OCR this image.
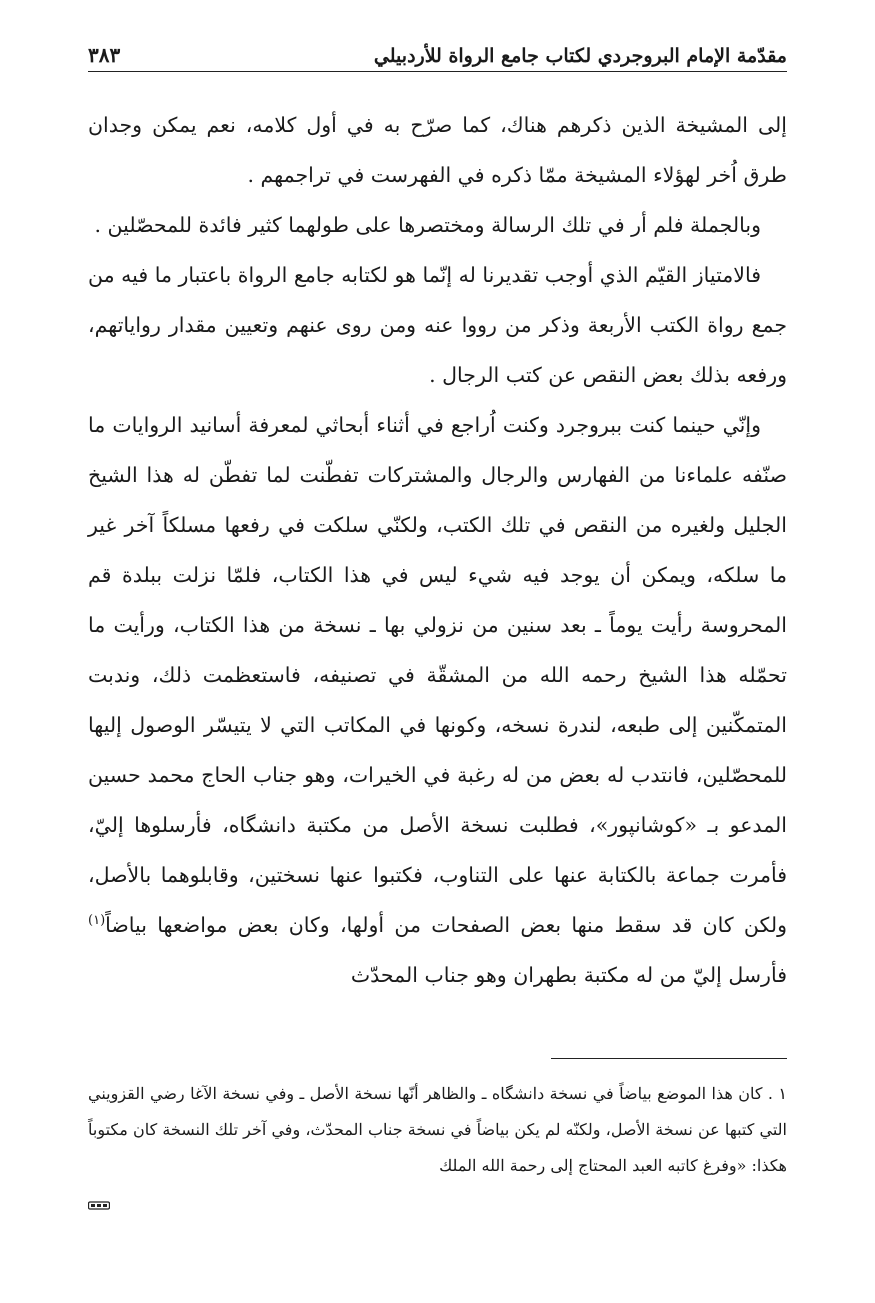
مقدّمة الإمام البروجردي لكتاب جامع الرواة للأردبيلي
٣٨٣

إلى المشيخة الذين ذكرهم هناك، كما صرّح به في أول كلامه، نعم يمكن وجدان طرق اُخر لهؤلاء المشيخة ممّا ذكره في الفهرست في تراجمهم .

وبالجملة فلم أر في تلك الرسالة ومختصرها على طولهما كثير فائدة للمحصّلين .

فالامتياز القيّم الذي أوجب تقديرنا له إنّما هو لكتابه جامع الرواة باعتبار ما فيه من جمع رواة الكتب الأربعة وذكر من رووا عنه ومن روى عنهم وتعيين مقدار رواياتهم، ورفعه بذلك بعض النقص عن كتب الرجال .

وإنّي حينما كنت ببروجرد وكنت اُراجع في أثناء أبحاثي لمعرفة أسانيد الروايات ما صنّفه علماءنا من الفهارس والرجال والمشتركات تفطّنت لما تفطّن له هذا الشيخ الجليل ولغيره من النقص في تلك الكتب، ولكنّي سلكت في رفعها مسلكاً آخر غير ما سلكه، ويمكن أن يوجد فيه شيء ليس في هذا الكتاب، فلمّا نزلت ببلدة قم المحروسة رأيت يوماً ـ بعد سنين من نزولي بها ـ نسخة من هذا الكتاب، ورأيت ما تحمّله هذا الشيخ رحمه الله من المشقّة في تصنيفه، فاستعظمت ذلك، وندبت المتمكّنين إلى طبعه، لندرة نسخه، وكونها في المكاتب التي لا يتيسّر الوصول إليها للمحصّلين، فانتدب له بعض من له رغبة في الخيرات، وهو جناب الحاج محمد حسين المدعو بـ «كوشانپور»، فطلبت نسخة الأصل من مكتبة دانشگاه، فأرسلوها إليّ، فأمرت جماعة بالكتابة عنها على التناوب، فكتبوا عنها نسختين، وقابلوهما بالأصل، ولكن كان قد سقط منها بعض الصفحات من أولها، وكان بعض مواضعها بياضاً$^{(١)}$ فأرسل إليّ من له مكتبة بطهران وهو جناب المحدّث

١ . كان هذا الموضع بياضاً في نسخة دانشگاه ـ والظاهر أنّها نسخة الأصل ـ وفي نسخة الآغا رضي القزويني التي كتبها عن نسخة الأصل، ولكنّه لم يكن بياضاً في نسخة جناب المحدّث، وفي آخر تلك النسخة كان مكتوباً هكذا: «وفرغ كاتبه العبد المحتاج إلى رحمة الله الملك
